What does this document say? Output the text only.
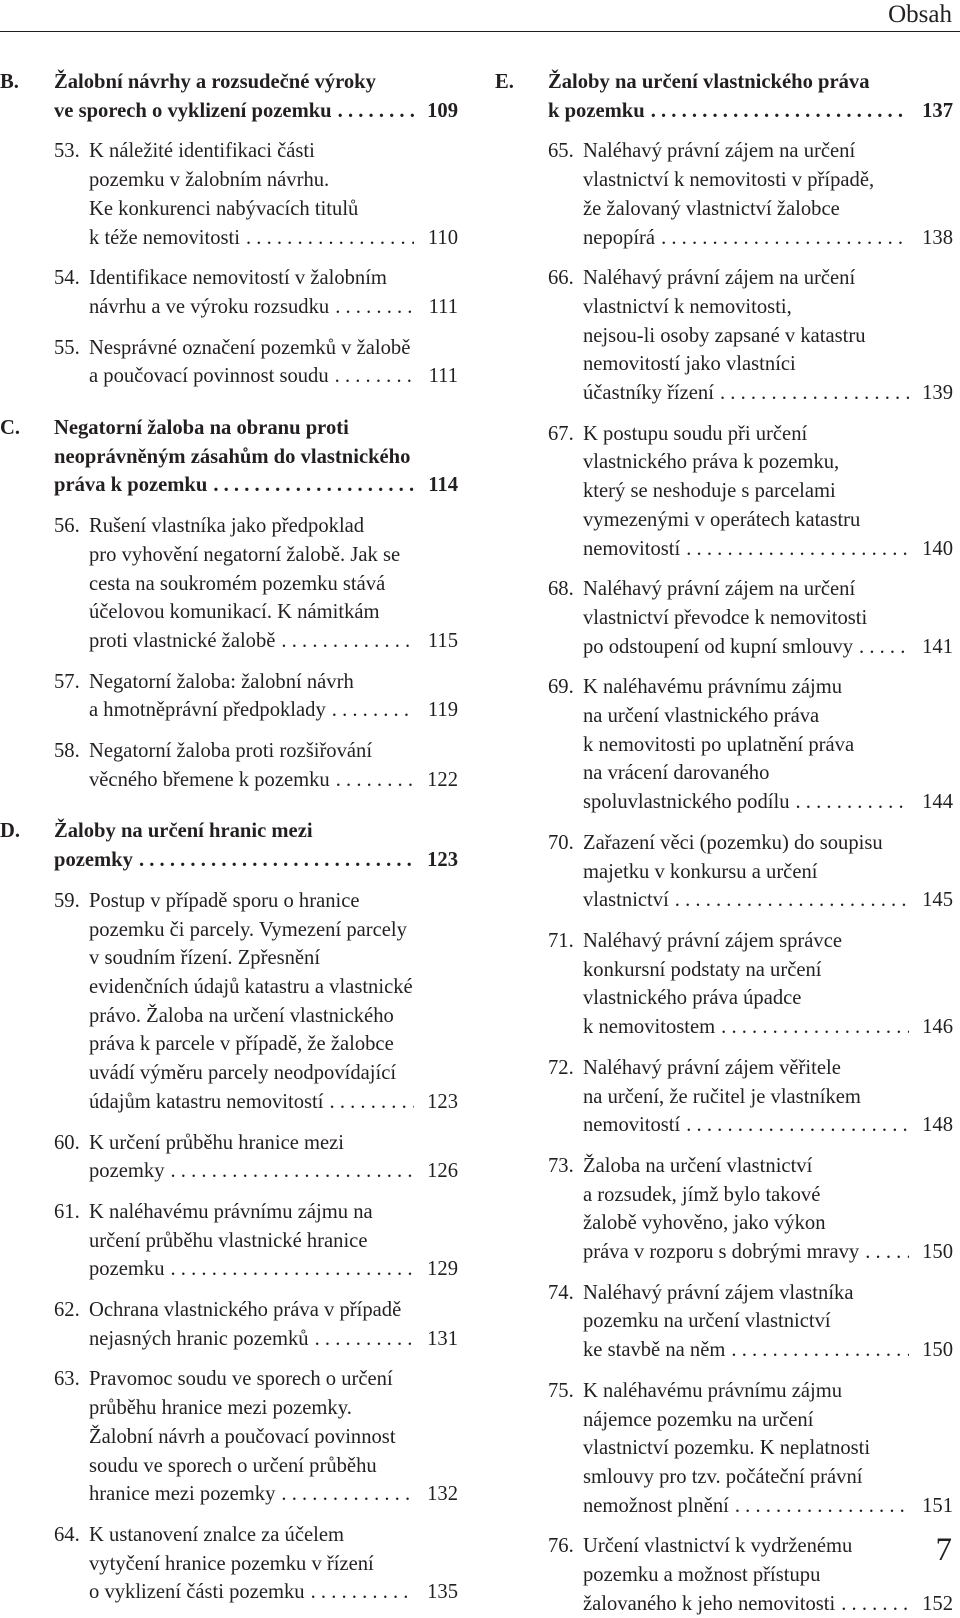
Obsah
B. Žalobní návrhy a rozsudečné výroky
ve sporech o vyklizení pozemku . . .	109
53. K náležité identifikaci části
pozemku v žalobním návrhu.
Ke konkurenci nabývacích titulů
k téže nemovitosti . . .	110
54. Identifikace nemovitostí v žalobním
návrhu a ve výroku rozsudku . . .	111
55. Nesprávné označení pozemků v žalobě
a poučovací povinnost soudu . . .	111
C. Negatorní žaloba na obranu proti
neoprávněným zásahům do vlastnického
práva k pozemku . . .	114
56. Rušení vlastníka jako předpoklad
pro vyhovění negatorní žalobě. Jak se
cesta na soukromém pozemku stává
účelovou komunikací. K námitkám
proti vlastnické žalobě . . .	115
57. Negatorní žaloba: žalobní návrh
a hmotněprávní předpoklady . . .	119
58. Negatorní žaloba proti rozšiřování
věcného břemene k pozemku . . .	122
D. Žaloby na určení hranic mezi
pozemky . . .	123
59. Postup v případě sporu o hranice
pozemku či parcely. Vymezení parcely
v soudním řízení. Zpřesnění
evidenčních údajů katastru a vlastnické
právo. Žaloba na určení vlastnického
práva k parcele v případě, že žalobce
uvádí výměru parcely neodpovídající
údajům katastru nemovitostí . . .	123
60. K určení průběhu hranice mezi
pozemky . . .	126
61. K naléhavému právnímu zájmu na
určení průběhu vlastnické hranice
pozemku . . .	129
62. Ochrana vlastnického práva v případě
nejasných hranic pozemků . . .	131
63. Pravomoc soudu ve sporech o určení
průběhu hranice mezi pozemky.
Žalobní návrh a poučovací povinnost
soudu ve sporech o určení průběhu
hranice mezi pozemky . . .	132
64. K ustanovení znalce za účelem
vytyčení hranice pozemku v řízení
o vyklizení části pozemku . . .	135
E. Žaloby na určení vlastnického práva
k pozemku . . .	137
65. Naléhavý právní zájem na určení
vlastnictví k nemovitosti v případě,
že žalovaný vlastnictví žalobce
nepopírá . . .	138
66. Naléhavý právní zájem na určení
vlastnictví k nemovitosti,
nejsou-li osoby zapsané v katastru
nemovitostí jako vlastníci
účastníky řízení . . .	139
67. K postupu soudu při určení
vlastnického práva k pozemku,
který se neshoduje s parcelami
vymezenými v operátech katastru
nemovitostí . . .	140
68. Naléhavý právní zájem na určení
vlastnictví převodce k nemovitosti
po odstoupení od kupní smlouvy . . .	141
69. K naléhavému právnímu zájmu
na určení vlastnického práva
k nemovitosti po uplatnění práva
na vrácení darovaného
spoluvlastnického podílu . . .	144
70. Zařazení věci (pozemku) do soupisu
majetku v konkursu a určení
vlastnictví . . .	145
71. Naléhavý právní zájem správce
konkursní podstaty na určení
vlastnického práva úpadce
k nemovitostem . . .	146
72. Naléhavý právní zájem věřitele
na určení, že ručitel je vlastníkem
nemovitostí . . .	148
73. Žaloba na určení vlastnictví
a rozsudek, jímž bylo takové
žalobě vyhověno, jako výkon
práva v rozporu s dobrými mravy . . .	150
74. Naléhavý právní zájem vlastníka
pozemku na určení vlastnictví
ke stavbě na něm . . .	150
75. K naléhavému právnímu zájmu
nájemce pozemku na určení
vlastnictví pozemku. K neplatnosti
smlouvy pro tzv. počáteční právní
nemožnost plnění . . .	151
76. Určení vlastnictví k vydrženému
pozemku a možnost přístupu
žalovaného k jeho nemovitosti . . .	152
7
